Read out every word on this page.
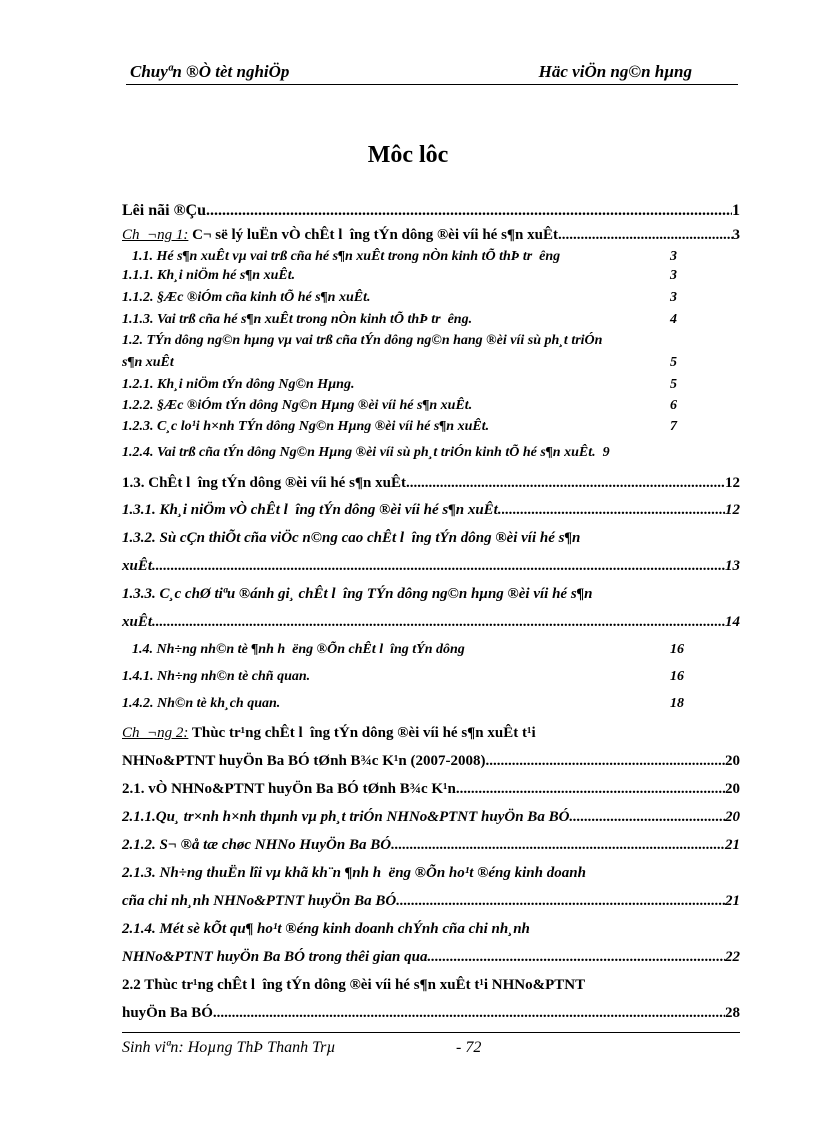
Chuyªn ®Ò tèt nghiÖp	Häc viÖn ng©n hµng
Môc lôc
Lêi nãi ®Çu .....	1
Ch  ¬ng 1: C¬ së lý luËn vÒ chÊt l  îng tÝn dông ®èi víi hé s¶n xuÊt .....	3
1.1. Hé s¶n xuÊt vµ vai trß cña hé s¶n xuÊt trong nÒn kinh tÕ thÞ tr  êng	3
1.1.1. Kh¸i niÖm hé s¶n xuÊt.	3
1.1.2. §Æc ®iÓm cña kinh tÕ hé s¶n xuÊt.	3
1.1.3. Vai trß cña hé s¶n xuÊt trong nÒn kinh tÕ thÞ tr  êng.	4
1.2. TÝn dông ng©n hµng vµ vai trß cña tÝn dông ng©n hang ®èi víi sù ph¸t triÓn
s¶n xuÊt	5
1.2.1. Kh¸i niÖm tÝn dông Ng©n Hµng.	5
1.2.2. §Æc ®iÓm tÝn dông Ng©n Hµng ®èi víi hé s¶n xuÊt.	6
1.2.3. C¸c lo¹i h×nh TÝn dông Ng©n Hµng ®èi víi hé s¶n xuÊt.	7
1.2.4. Vai trß cña tÝn dông Ng©n Hµng ®èi víi sù ph¸t triÓn kinh tÕ hé s¶n xuÊt. 9
1.3. ChÊt l  îng tÝn dông ®èi víi hé s¶n xuÊt .....	12
1.3.1. Kh¸i niÖm vÒ chÊt l  îng tÝn dông ®èi víi hé s¶n xuÊt. .....	12
1.3.2. Sù cÇn thiÕt cña viÖc n©ng cao chÊt l  îng tÝn dông ®èi víi hé s¶n
xuÊt .....	13
1.3.3. C¸c chØ tiªu ®ánh gi¸ chÊt l  îng TÝn dông ng©n hµng ®èi víi hé s¶n
xuÊt .....	14
1.4. Nh÷ng nh©n tè ¶nh h  ëng ®Õn chÊt l  îng tÝn dông	16
1.4.1. Nh÷ng nh©n tè chñ quan.	16
1.4.2. Nh©n tè kh¸ch quan.	18
Ch  ¬ng 2: Thùc tr¹ng chÊt l  îng tÝn dông ®èi víi hé s¶n xuÊt t¹i
NHNo&PTNT huyÖn Ba BÓ tØnh B¾c K¹n (2007-2008) .....	20
2.1. vÒ NHNo&PTNT huyÖn Ba BÓ tØnh B¾c K¹n. .....	20
2.1.1.Qu¸ tr×nh h×nh thµnh vµ ph¸t triÓn NHNo&PTNT huyÖn Ba BÓ .....	20
2.1.2. S¬ ®å tæ chøc NHNo HuyÖn Ba BÓ .....	21
2.1.3. Nh÷ng thuËn lîi vµ khã kh¨n ¶nh h  ëng ®Õn ho¹t ®éng kinh doanh
cña chi nh¸nh NHNo&PTNT huyÖn Ba BÓ. .....	21
2.1.4. Mét sè kÕt qu¶ ho¹t ®éng kinh doanh chÝnh cña chi nh¸nh
NHNo&PTNT huyÖn Ba BÓ trong thêi gian qua .....	22
2.2 Thùc tr¹ng chÊt l  îng tÝn dông ®èi víi hé s¶n xuÊt t¹i NHNo&PTNT
huyÖn Ba BÓ .....	28
Sinh viªn: Hoµng ThÞ Thanh Trµ	- 72
